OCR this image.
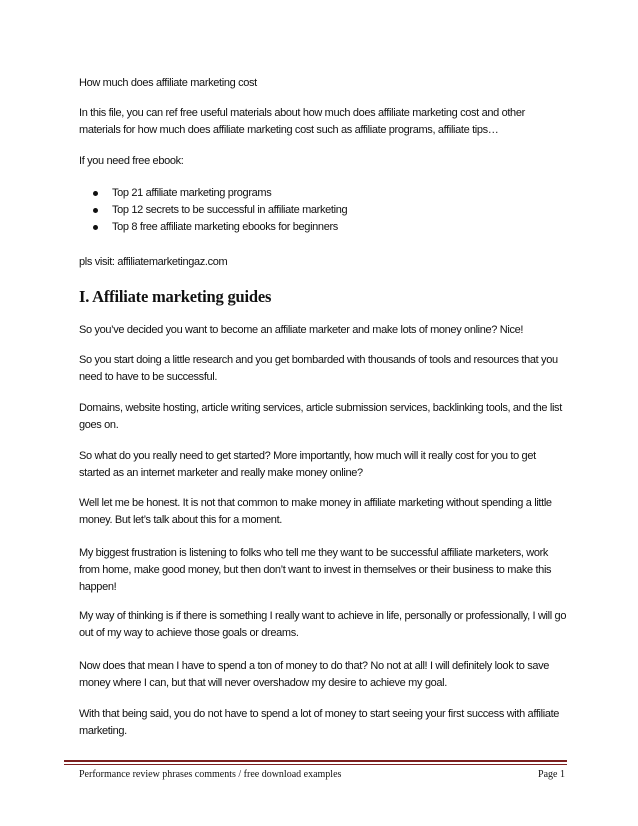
How much does affiliate marketing cost

In this file, you can ref free useful materials about how much does affiliate marketing cost and other materials for how much does affiliate marketing cost such as affiliate programs, affiliate tips…

If you need free ebook:

Top 21 affiliate marketing programs
Top 12 secrets to be successful in affiliate marketing
Top 8 free affiliate marketing ebooks for beginners

pls visit: affiliatemarketingaz.com

I. Affiliate marketing guides

So you’ve decided you want to become an affiliate marketer and make lots of money online? Nice!

So you start doing a little research and you get bombarded with thousands of tools and resources that you need to have to be successful.

Domains, website hosting, article writing services, article submission services, backlinking tools, and the list goes on.

So what do you really need to get started? More importantly, how much will it really cost for you to get started as an internet marketer and really make money online?

Well let me be honest. It is not that common to make money in affiliate marketing without spending a little money. But let’s talk about this for a moment.

My biggest frustration is listening to folks who tell me they want to be successful affiliate marketers, work from home, make good money, but then don’t want to invest in themselves or their business to make this happen!

My way of thinking is if there is something I really want to achieve in life, personally or professionally, I will go out of my way to achieve those goals or dreams.

Now does that mean I have to spend a ton of money to do that? No not at all! I will definitely look to save money where I can, but that will never overshadow my desire to achieve my goal.

With that being said, you do not have to spend a lot of money to start seeing your first success with affiliate marketing.

Performance review phrases comments / free download examples	Page 1
